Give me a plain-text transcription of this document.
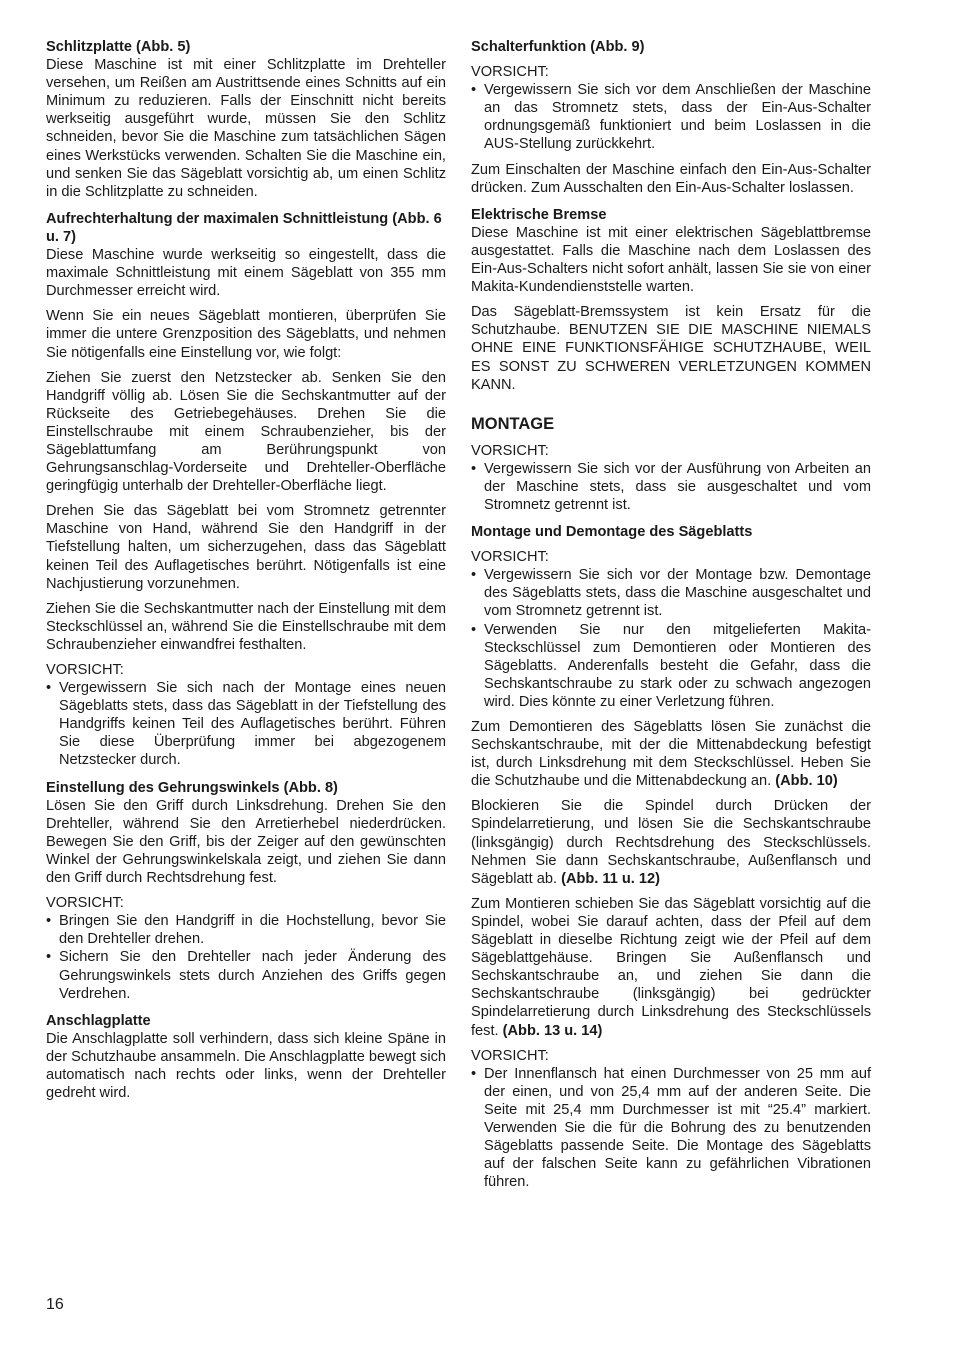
Schlitzplatte (Abb. 5)

Diese Maschine ist mit einer Schlitzplatte im Drehteller versehen, um Reißen am Austrittsende eines Schnitts auf ein Minimum zu reduzieren. Falls der Einschnitt nicht bereits werkseitig ausgeführt wurde, müssen Sie den Schlitz schneiden, bevor Sie die Maschine zum tatsächlichen Sägen eines Werkstücks verwenden. Schalten Sie die Maschine ein, und senken Sie das Sägeblatt vorsichtig ab, um einen Schlitz in die Schlitzplatte zu schneiden.

Aufrechterhaltung der maximalen Schnittleistung (Abb. 6 u. 7)

Diese Maschine wurde werkseitig so eingestellt, dass die maximale Schnittleistung mit einem Sägeblatt von 355 mm Durchmesser erreicht wird.

Wenn Sie ein neues Sägeblatt montieren, überprüfen Sie immer die untere Grenzposition des Sägeblatts, und nehmen Sie nötigenfalls eine Einstellung vor, wie folgt:

Ziehen Sie zuerst den Netzstecker ab. Senken Sie den Handgriff völlig ab. Lösen Sie die Sechskantmutter auf der Rückseite des Getriebegehäuses. Drehen Sie die Einstellschraube mit einem Schraubenzieher, bis der Sägeblattumfang am Berührungspunkt von Gehrungsanschlag-Vorderseite und Drehteller-Oberfläche geringfügig unterhalb der Drehteller-Oberfläche liegt.

Drehen Sie das Sägeblatt bei vom Stromnetz getrennter Maschine von Hand, während Sie den Handgriff in der Tiefstellung halten, um sicherzugehen, dass das Sägeblatt keinen Teil des Auflagetisches berührt. Nötigenfalls ist eine Nachjustierung vorzunehmen.

Ziehen Sie die Sechskantmutter nach der Einstellung mit dem Steckschlüssel an, während Sie die Einstellschraube mit dem Schraubenzieher einwandfrei festhalten.

VORSICHT:

• Vergewissern Sie sich nach der Montage eines neuen Sägeblatts stets, dass das Sägeblatt in der Tiefstellung des Handgriffs keinen Teil des Auflagetisches berührt. Führen Sie diese Überprüfung immer bei abgezogenem Netzstecker durch.
Einstellung des Gehrungswinkels (Abb. 8)

Lösen Sie den Griff durch Linksdrehung. Drehen Sie den Drehteller, während Sie den Arretierhebel niederdrücken. Bewegen Sie den Griff, bis der Zeiger auf den gewünschten Winkel der Gehrungswinkelskala zeigt, und ziehen Sie dann den Griff durch Rechtsdrehung fest.

VORSICHT:

• Bringen Sie den Handgriff in die Hochstellung, bevor Sie den Drehteller drehen.
• Sichern Sie den Drehteller nach jeder Änderung des Gehrungswinkels stets durch Anziehen des Griffs gegen Verdrehen.
Anschlagplatte

Die Anschlagplatte soll verhindern, dass sich kleine Späne in der Schutzhaube ansammeln. Die Anschlagplatte bewegt sich automatisch nach rechts oder links, wenn der Drehteller gedreht wird.

Schalterfunktion (Abb. 9)

VORSICHT:

• Vergewissern Sie sich vor dem Anschließen der Maschine an das Stromnetz stets, dass der Ein-Aus-Schalter ordnungsgemäß funktioniert und beim Loslassen in die AUS-Stellung zurückkehrt.

Zum Einschalten der Maschine einfach den Ein-Aus-Schalter drücken. Zum Ausschalten den Ein-Aus-Schalter loslassen.

Elektrische Bremse

Diese Maschine ist mit einer elektrischen Sägeblattbremse ausgestattet. Falls die Maschine nach dem Loslassen des Ein-Aus-Schalters nicht sofort anhält, lassen Sie sie von einer Makita-Kundendienststelle warten.

Das Sägeblatt-Bremssystem ist kein Ersatz für die Schutzhaube. BENUTZEN SIE DIE MASCHINE NIEMALS OHNE EINE FUNKTIONSFÄHIGE SCHUTZHAUBE, WEIL ES SONST ZU SCHWEREN VERLETZUNGEN KOMMEN KANN.

MONTAGE

VORSICHT:

• Vergewissern Sie sich vor der Ausführung von Arbeiten an der Maschine stets, dass sie ausgeschaltet und vom Stromnetz getrennt ist.
Montage und Demontage des Sägeblatts

VORSICHT:

• Vergewissern Sie sich vor der Montage bzw. Demontage des Sägeblatts stets, dass die Maschine ausgeschaltet und vom Stromnetz getrennt ist.
• Verwenden Sie nur den mitgelieferten Makita-Steckschlüssel zum Demontieren oder Montieren des Sägeblatts. Anderenfalls besteht die Gefahr, dass die Sechskantschraube zu stark oder zu schwach angezogen wird. Dies könnte zu einer Verletzung führen.

Zum Demontieren des Sägeblatts lösen Sie zunächst die Sechskantschraube, mit der die Mittenabdeckung befestigt ist, durch Linksdrehung mit dem Steckschlüssel. Heben Sie die Schutzhaube und die Mittenabdeckung an. (Abb. 10)

Blockieren Sie die Spindel durch Drücken der Spindelarretierung, und lösen Sie die Sechskantschraube (linksgängig) durch Rechtsdrehung des Steckschlüssels. Nehmen Sie dann Sechskantschraube, Außenflansch und Sägeblatt ab. (Abb. 11 u. 12)

Zum Montieren schieben Sie das Sägeblatt vorsichtig auf die Spindel, wobei Sie darauf achten, dass der Pfeil auf dem Sägeblatt in dieselbe Richtung zeigt wie der Pfeil auf dem Sägeblattgehäuse. Bringen Sie Außenflansch und Sechskantschraube an, und ziehen Sie dann die Sechskantschraube (linksgängig) bei gedrückter Spindelarretierung durch Linksdrehung des Steckschlüssels fest. (Abb. 13 u. 14)

VORSICHT:

• Der Innenflansch hat einen Durchmesser von 25 mm auf der einen, und von 25,4 mm auf der anderen Seite. Die Seite mit 25,4 mm Durchmesser ist mit “25.4” markiert. Verwenden Sie die für die Bohrung des zu benutzenden Sägeblatts passende Seite. Die Montage des Sägeblatts auf der falschen Seite kann zu gefährlichen Vibrationen führen.
16
